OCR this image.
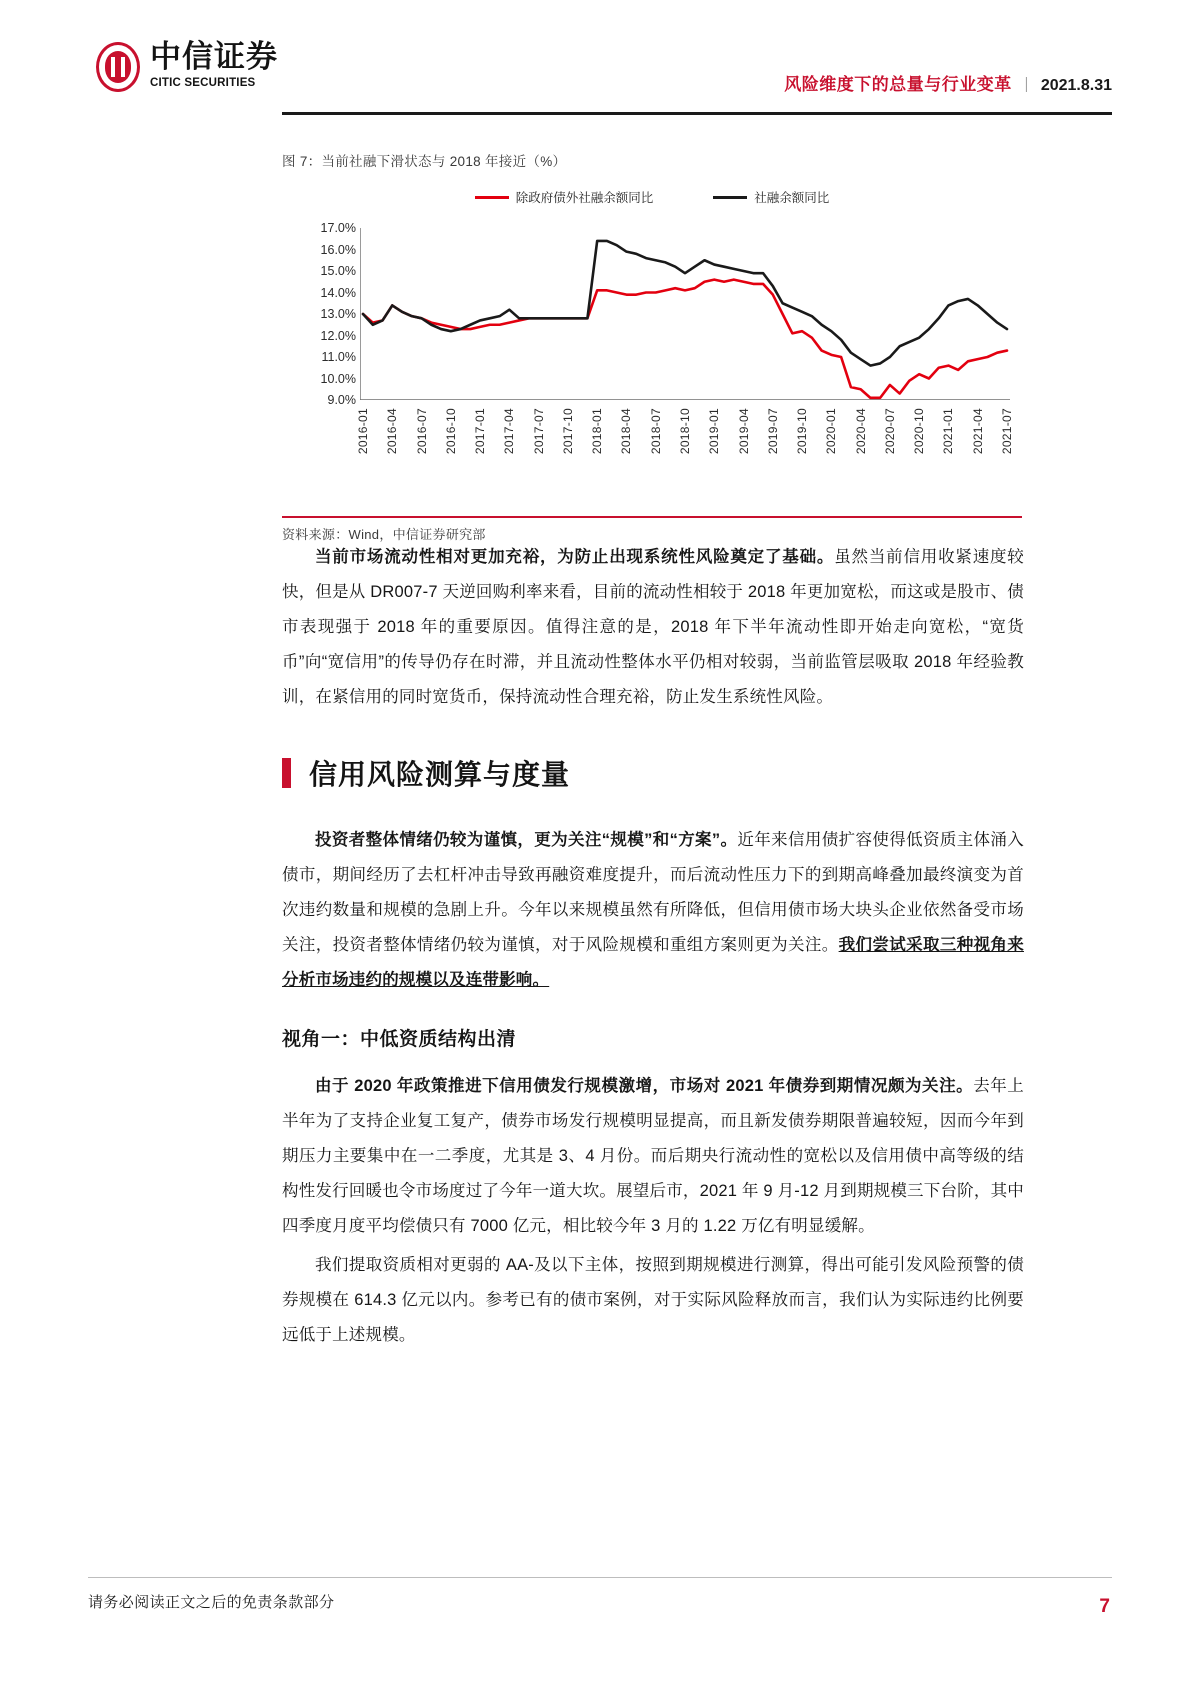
中信证券
CITIC SECURITIES	风险维度下的总量与行业变革 ｜ 2021.8.31
图 7：当前社融下滑状态与 2018 年接近（%）
除政府债外社融余额同比	社融余额同比
17.0%
16.0%
15.0%
14.0%
13.0%
12.0%
11.0%
10.0%
9.0%
2016-01 2016-04 2016-07 2016-10 2017-01 2017-04 2017-07 2017-10 2018-01 2018-04 2018-07 2018-10 2019-01 2019-04 2019-07 2019-10 2020-01 2020-04 2020-07 2020-10 2021-01 2021-04 2021-07
资料来源：Wind，中信证券研究部

当前市场流动性相对更加充裕，为防止出现系统性风险奠定了基础。虽然当前信用收紧速度较快，但是从 DR007-7 天逆回购利率来看，目前的流动性相较于 2018 年更加宽松，而这或是股市、债市表现强于 2018 年的重要原因。值得注意的是，2018 年下半年流动性即开始走向宽松，“宽货币”向“宽信用”的传导仍存在时滞，并且流动性整体水平仍相对较弱，当前监管层吸取 2018 年经验教训，在紧信用的同时宽货币，保持流动性合理充裕，防止发生系统性风险。

信用风险测算与度量

投资者整体情绪仍较为谨慎，更为关注“规模”和“方案”。近年来信用债扩容使得低资质主体涌入债市，期间经历了去杠杆冲击导致再融资难度提升，而后流动性压力下的到期高峰叠加最终演变为首次违约数量和规模的急剧上升。今年以来规模虽然有所降低，但信用债市场大块头企业依然备受市场关注，投资者整体情绪仍较为谨慎，对于风险规模和重组方案则更为关注。我们尝试采取三种视角来分析市场违约的规模以及连带影响。

视角一：中低资质结构出清

由于 2020 年政策推进下信用债发行规模激增，市场对 2021 年债券到期情况颇为关注。去年上半年为了支持企业复工复产，债券市场发行规模明显提高，而且新发债券期限普遍较短，因而今年到期压力主要集中在一二季度，尤其是 3、4 月份。而后期央行流动性的宽松以及信用债中高等级的结构性发行回暖也令市场度过了今年一道大坎。展望后市，2021 年 9 月-12 月到期规模三下台阶，其中四季度月度平均偿债只有 7000 亿元，相比较今年 3 月的 1.22 万亿有明显缓解。

我们提取资质相对更弱的 AA-及以下主体，按照到期规模进行测算，得出可能引发风险预警的债券规模在 614.3 亿元以内。参考已有的债市案例，对于实际风险释放而言，我们认为实际违约比例要远低于上述规模。

请务必阅读正文之后的免责条款部分	7
